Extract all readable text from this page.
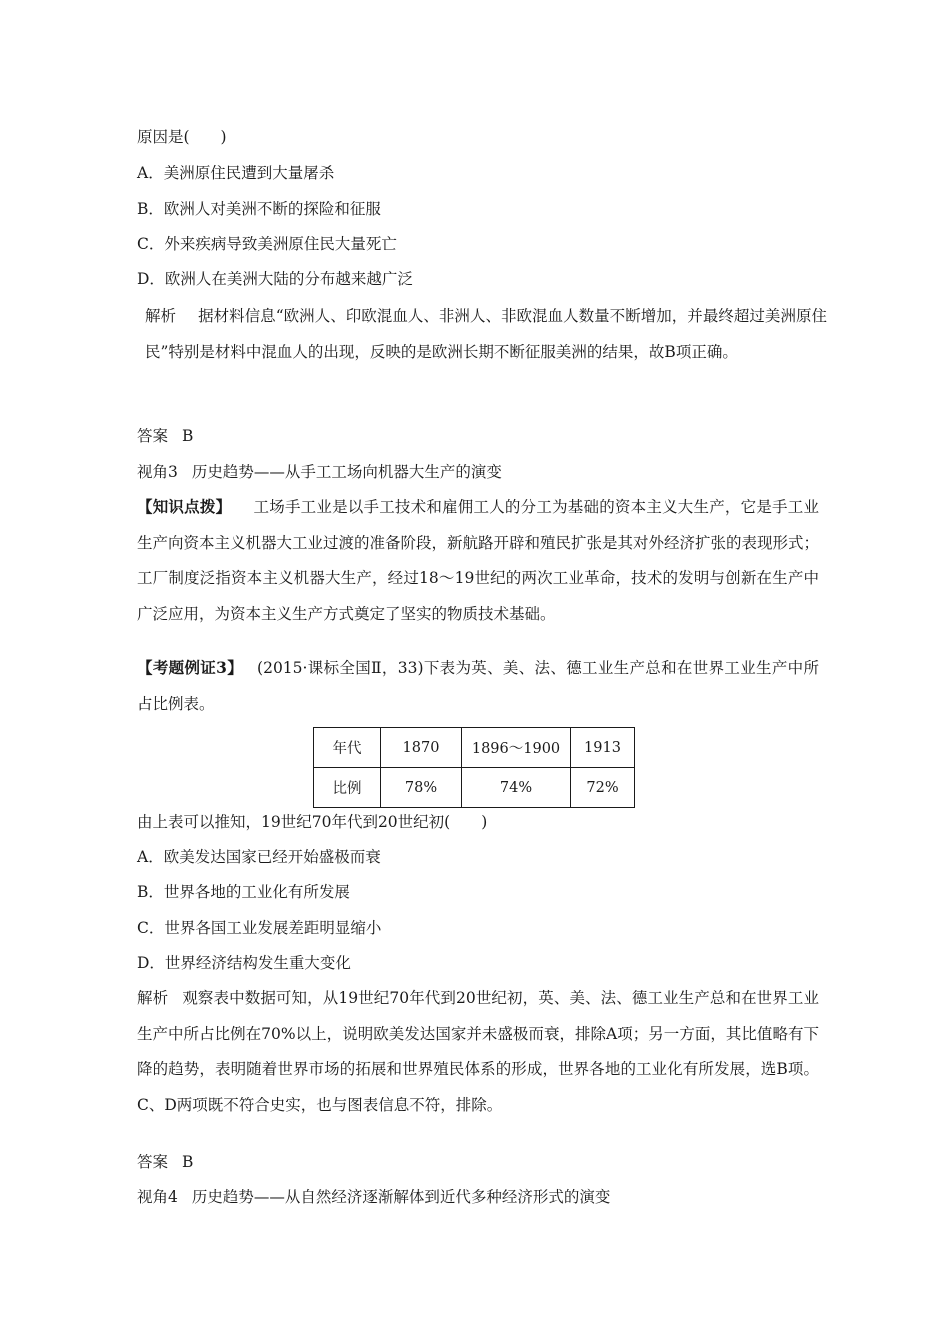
原因是(　　)
A．美洲原住民遭到大量屠杀
B．欧洲人对美洲不断的探险和征服
C．外来疾病导致美洲原住民大量死亡
D．欧洲人在美洲大陆的分布越来越广泛
解析 据材料信息“欧洲人、印欧混血人、非洲人、非欧混血人数量不断增加，并最终超过美洲原住民”特别是材料中混血人的出现，反映的是欧洲长期不断征服美洲的结果，故B项正确。
答案 B
视角3 历史趋势——从手工工场向机器大生产的演变
【知识点拨】 工场手工业是以手工技术和雇佣工人的分工为基础的资本主义大生产，它是手工业生产向资本主义机器大工业过渡的准备阶段，新航路开辟和殖民扩张是其对外经济扩张的表现形式；工厂制度泛指资本主义机器大生产，经过18～19世纪的两次工业革命，技术的发明与创新在生产中广泛应用，为资本主义生产方式奠定了坚实的物质技术基础。
【考题例证3】 (2015·课标全国Ⅱ，33)下表为英、美、法、德工业生产总和在世界工业生产中所占比例表。
年代	1870	1896～1900	1913
比例	78%	74%	72%
由上表可以推知，19世纪70年代到20世纪初(　　)
A．欧美发达国家已经开始盛极而衰
B．世界各地的工业化有所发展
C．世界各国工业发展差距明显缩小
D．世界经济结构发生重大变化
解析 观察表中数据可知，从19世纪70年代到20世纪初，英、美、法、德工业生产总和在世界工业生产中所占比例在70%以上，说明欧美发达国家并未盛极而衰，排除A项；另一方面，其比值略有下降的趋势，表明随着世界市场的拓展和世界殖民体系的形成，世界各地的工业化有所发展，选B项。C、D两项既不符合史实，也与图表信息不符，排除。
答案 B
视角4 历史趋势——从自然经济逐渐解体到近代多种经济形式的演变
